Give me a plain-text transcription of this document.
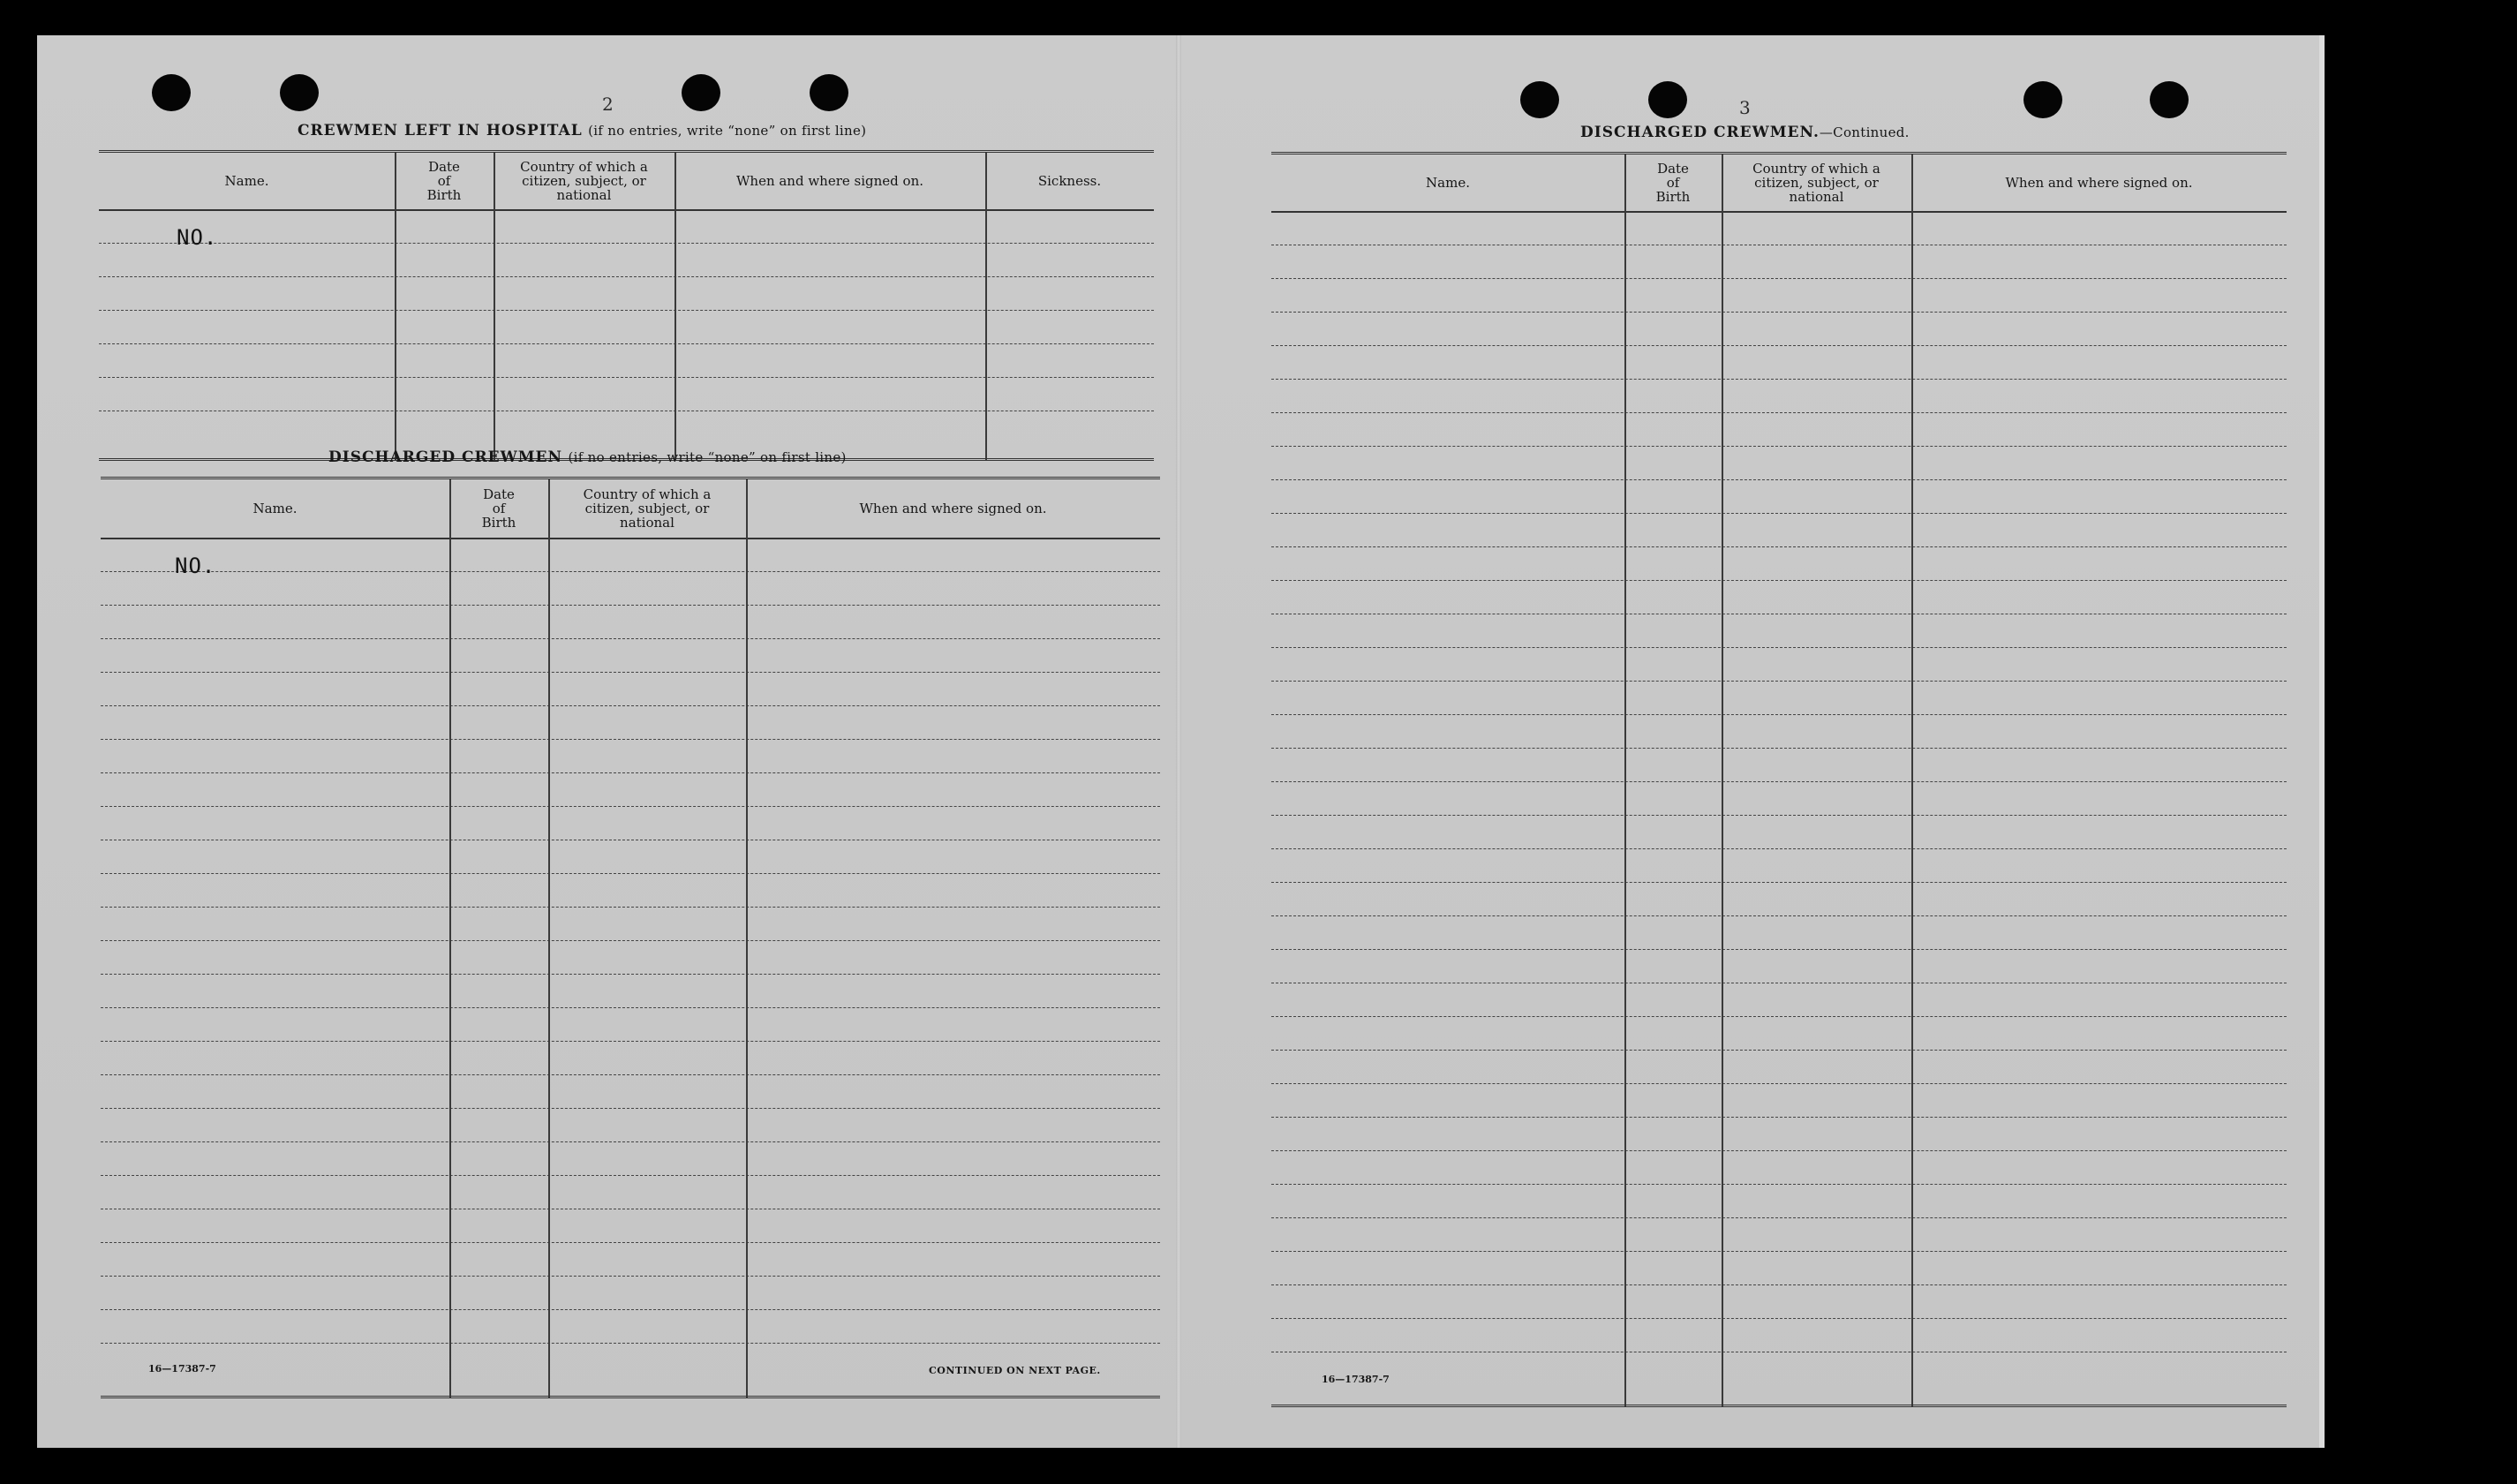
2
CREWMEN LEFT IN HOSPITAL (if no entries, write “none” on first line)
Name.
Date
of
Birth
Country of which a
citizen, subject, or
national
When and where signed on.	Sickness.
NO.
DISCHARGED CREWMEN (if no entries, write “none” on first line)
Name.
Date
of
Birth
Country of which a
citizen, subject, or
national
When and where signed on.
NO.
16—17387-7	CONTINUED ON NEXT PAGE.
3
DISCHARGED CREWMEN.—Continued.
Name.
Date
of
Birth
Country of which a
citizen, subject, or
national
When and where signed on.
16—17387-7
